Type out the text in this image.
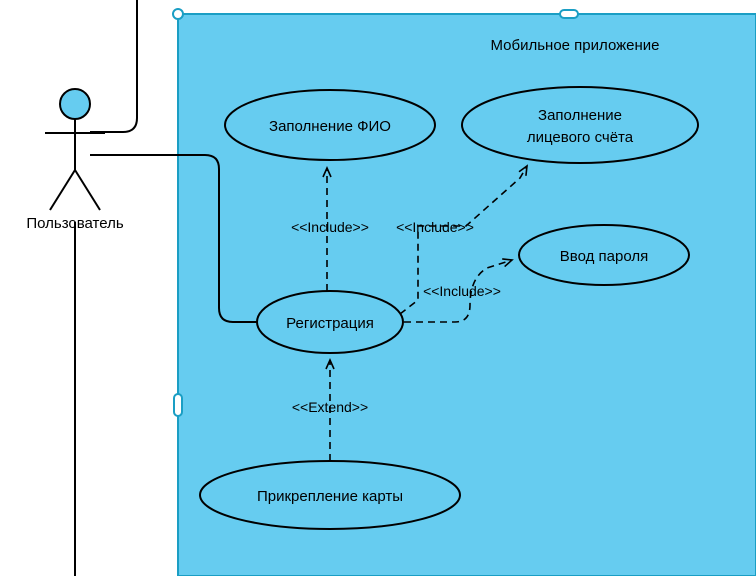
Мобильное приложение
Пользователь
Заполнение ФИО
Заполнение
лицевого счёта
Ввод пароля
Регистрация
Прикрепление карты
<<Include>> <<Include>>
<<Include>>
<<Extend>>
